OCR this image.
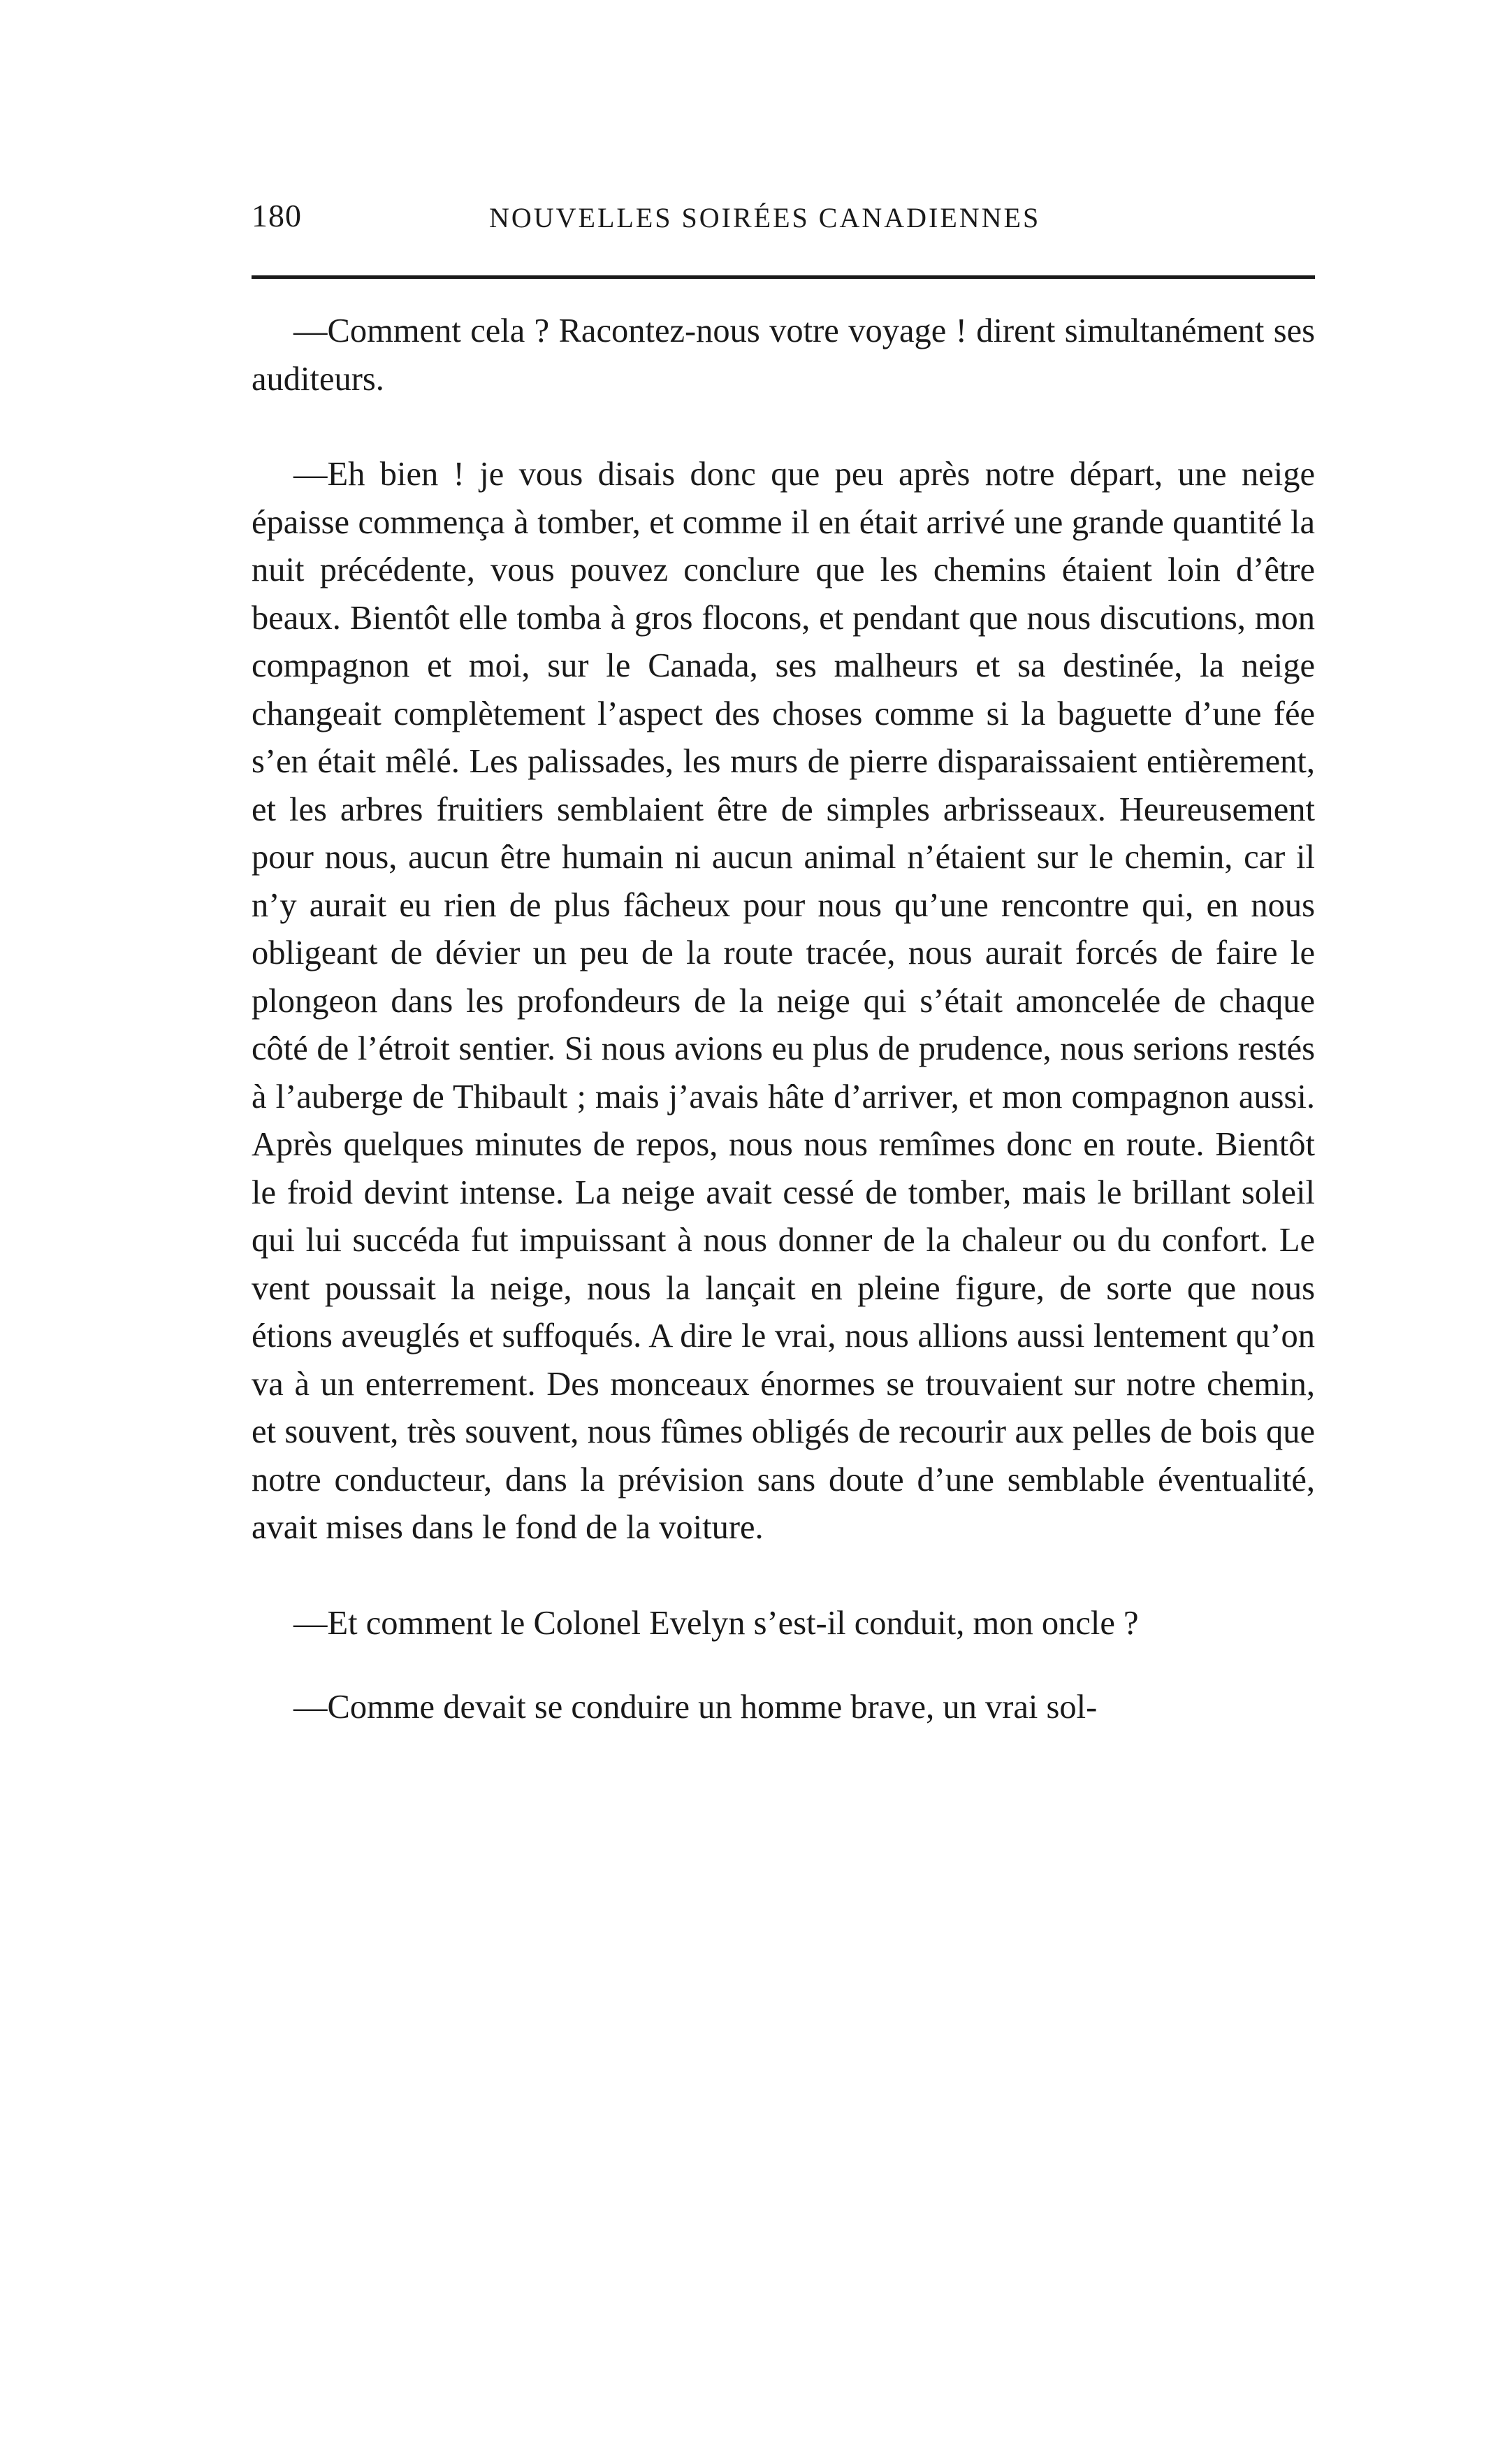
180	NOUVELLES SOIRÉES CANADIENNES

—Comment cela ? Racontez-nous votre voyage ! dirent simultanément ses auditeurs.

—Eh bien ! je vous disais donc que peu après notre départ, une neige épaisse commença à tomber, et comme il en était arrivé une grande quantité la nuit précédente, vous pouvez conclure que les chemins étaient loin d’être beaux. Bientôt elle tomba à gros flocons, et pendant que nous discutions, mon compagnon et moi, sur le Canada, ses malheurs et sa destinée, la neige changeait complètement l’aspect des choses comme si la baguette d’une fée s’en était mêlé. Les palissades, les murs de pierre disparaissaient entièrement, et les arbres fruitiers semblaient être de simples arbrisseaux. Heureusement pour nous, aucun être humain ni aucun animal n’étaient sur le chemin, car il n’y aurait eu rien de plus fâcheux pour nous qu’une rencontre qui, en nous obligeant de dévier un peu de la route tracée, nous aurait forcés de faire le plongeon dans les profondeurs de la neige qui s’était amoncelée de chaque côté de l’étroit sentier. Si nous avions eu plus de prudence, nous serions restés à l’auberge de Thibault ; mais j’avais hâte d’arriver, et mon compagnon aussi. Après quelques minutes de repos, nous nous remîmes donc en route. Bientôt le froid devint intense. La neige avait cessé de tomber, mais le brillant soleil qui lui succéda fut impuissant à nous donner de la chaleur ou du confort. Le vent poussait la neige, nous la lançait en pleine figure, de sorte que nous étions aveuglés et suffoqués. A dire le vrai, nous allions aussi lentement qu’on va à un enterrement. Des monceaux énormes se trouvaient sur notre chemin, et souvent, très souvent, nous fûmes obligés de recourir aux pelles de bois que notre conducteur, dans la prévision sans doute d’une semblable éventualité, avait mises dans le fond de la voiture.

—Et comment le Colonel Evelyn s’est-il conduit, mon oncle ?

—Comme devait se conduire un homme brave, un vrai sol-
